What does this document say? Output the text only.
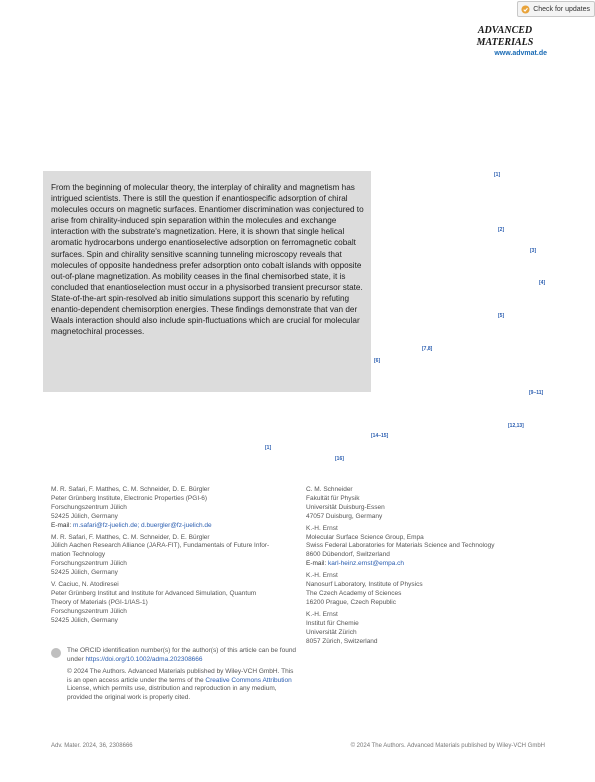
Check for updates
ADVANCED
MATERIALS
www.advmat.de
From the beginning of molecular theory, the interplay of chirality and magnetism has intrigued scientists. There is still the question if enantiospecific adsorption of chiral molecules occurs on magnetic surfaces. Enantiomer discrimination was conjectured to arise from chirality-induced spin separation within the molecules and exchange interaction with the substrate's magnetization. Here, it is shown that single helical aromatic hydrocarbons undergo enantioselective adsorption on ferromagnetic cobalt surfaces. Spin and chirality sensitive scanning tunneling microscopy reveals that molecules of opposite handedness prefer adsorption onto cobalt islands with opposite out-of-plane magnetization. As mobility ceases in the final chemisorbed state, it is concluded that enantioselection must occur in a physisorbed transient precursor state. State-of-the-art spin-resolved ab initio simulations support this scenario by refuting enantio-dependent chemisorption energies. These findings demonstrate that van der Waals interaction should also include spin-fluctuations which are crucial for molecular magnetochiral processes.
[1]
[2]
[3]
[4]
[5]
[6]
[7,8]
[9–11]
[12,13]
[14–15]
[1]
[16]
M. R. Safari, F. Matthes, C. M. Schneider, D. E. Bürgler
Peter Grünberg Institute, Electronic Properties (PGI-6)
Forschungszentrum Jülich
52425 Jülich, Germany
E-mail: m.safari@fz-juelich.de; d.buergler@fz-juelich.de
M. R. Safari, F. Matthes, C. M. Schneider, D. E. Bürgler
Jülich Aachen Research Alliance (JARA-FIT), Fundamentals of Future Infor-
mation Technology
Forschungszentrum Jülich
52425 Jülich, Germany
V. Caciuc, N. Atodiresei
Peter Grünberg Institut and Institute for Advanced Simulation, Quantum
Theory of Materials (PGI-1/IAS-1)
Forschungszentrum Jülich
52425 Jülich, Germany
C. M. Schneider
Fakultät für Physik
Universität Duisburg-Essen
47057 Duisburg, Germany
K.-H. Ernst
Molecular Surface Science Group, Empa
Swiss Federal Laboratories for Materials Science and Technology
8600 Dübendorf, Switzerland
E-mail: karl-heinz.ernst@empa.ch
K.-H. Ernst
Nanosurf Laboratory, Institute of Physics
The Czech Academy of Sciences
16200 Prague, Czech Republic
K.-H. Ernst
Institut für Chemie
Universität Zürich
8057 Zürich, Switzerland
The ORCID identification number(s) for the author(s) of this article can be found under https://doi.org/10.1002/adma.202308666
© 2024 The Authors. Advanced Materials published by Wiley-VCH GmbH. This is an open access article under the terms of the Creative Commons Attribution License, which permits use, distribution and reproduction in any medium, provided the original work is properly cited.
Adv. Mater. 2024, 36, 2308666	© 2024 The Authors. Advanced Materials published by Wiley-VCH GmbH
